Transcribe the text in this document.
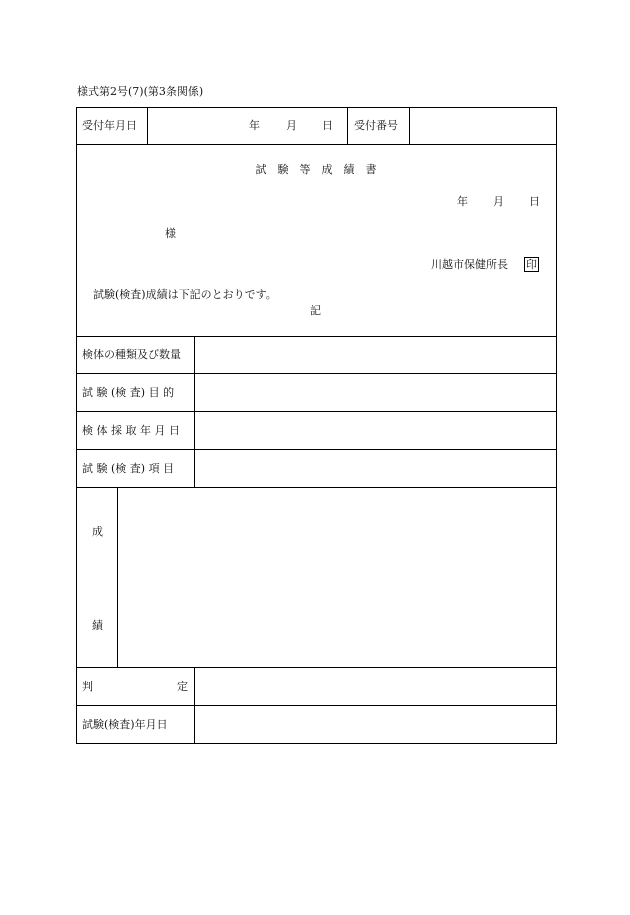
様式第2号(7)(第3条関係)
受付年月日	年 月 日 受付番号
試　験　等　成　績　書
年 月 日
様
川越市保健所長 印
試験(検査)成績は下記のとおりです。
記
検体の種類及び数量
試 験 (検 査) 目 的
検 体 採 取 年 月 日
試 験 (検 査) 項 目
成
績
判	定
試験(検査)年月日
